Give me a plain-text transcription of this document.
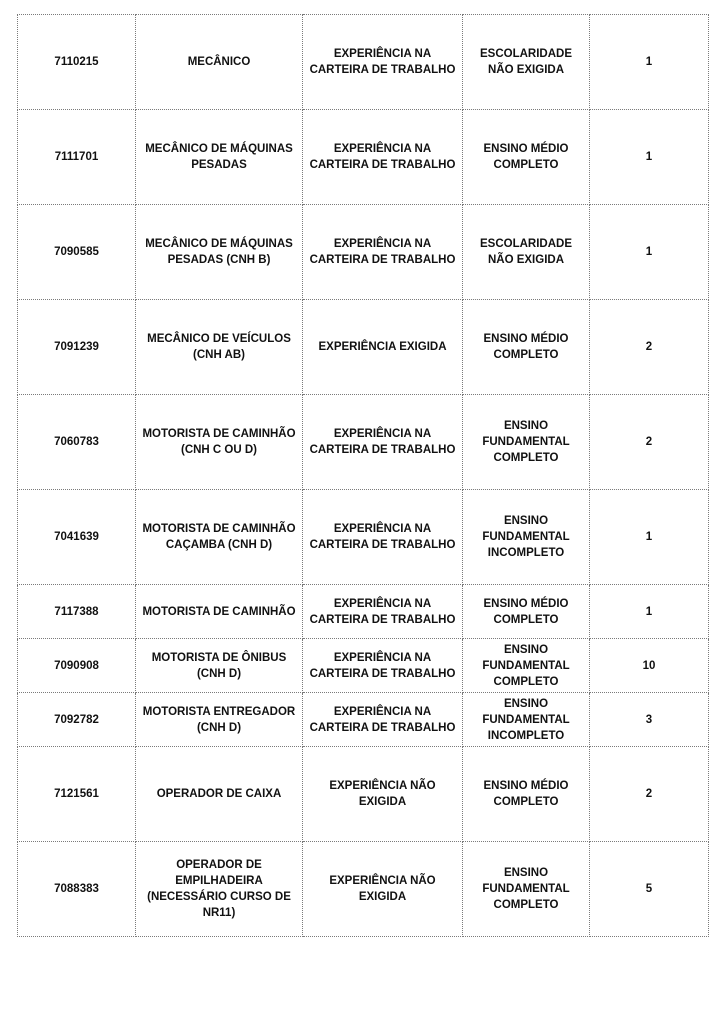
7110215	MECÂNICO	EXPERIÊNCIA NA CARTEIRA DE TRABALHO	ESCOLARIDADE NÃO EXIGIDA	1
7111701	MECÂNICO DE MÁQUINAS PESADAS	EXPERIÊNCIA NA CARTEIRA DE TRABALHO	ENSINO MÉDIO COMPLETO	1
7090585	MECÂNICO DE MÁQUINAS PESADAS (CNH B)	EXPERIÊNCIA NA CARTEIRA DE TRABALHO	ESCOLARIDADE NÃO EXIGIDA	1
7091239	MECÂNICO DE VEÍCULOS (CNH AB)	EXPERIÊNCIA EXIGIDA	ENSINO MÉDIO COMPLETO	2
7060783	MOTORISTA DE CAMINHÃO (CNH C OU D)	EXPERIÊNCIA NA CARTEIRA DE TRABALHO	ENSINO FUNDAMENTAL COMPLETO	2
7041639	MOTORISTA DE CAMINHÃO CAÇAMBA (CNH D)	EXPERIÊNCIA NA CARTEIRA DE TRABALHO	ENSINO FUNDAMENTAL INCOMPLETO	1
7117388	MOTORISTA DE CAMINHÃO	EXPERIÊNCIA NA CARTEIRA DE TRABALHO	ENSINO MÉDIO COMPLETO	1
7090908	MOTORISTA DE ÔNIBUS (CNH D)	EXPERIÊNCIA NA CARTEIRA DE TRABALHO	ENSINO FUNDAMENTAL COMPLETO	10
7092782	MOTORISTA ENTREGADOR (CNH D)	EXPERIÊNCIA NA CARTEIRA DE TRABALHO	ENSINO FUNDAMENTAL INCOMPLETO	3
7121561	OPERADOR DE CAIXA	EXPERIÊNCIA NÃO EXIGIDA	ENSINO MÉDIO COMPLETO	2
7088383	OPERADOR DE EMPILHADEIRA (NECESSÁRIO CURSO DE NR11)	EXPERIÊNCIA NÃO EXIGIDA	ENSINO FUNDAMENTAL COMPLETO	5
